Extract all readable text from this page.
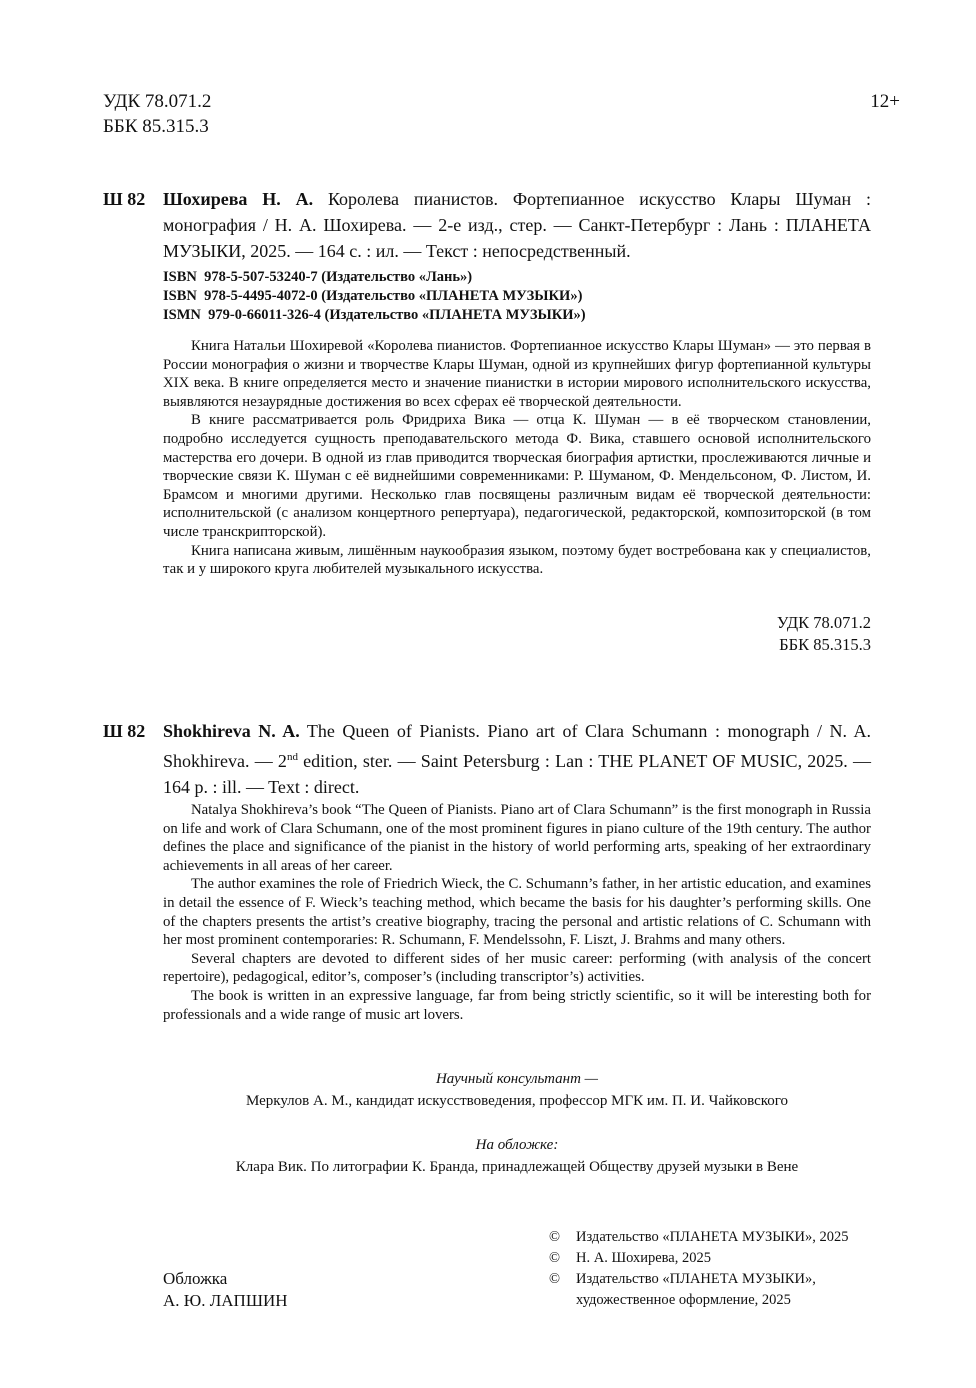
УДК 78.071.2
ББК 85.315.3
12+
Ш 82 Шохирева Н. А. Королева пианистов. Фортепианное искусство Клары Шуман : монография / Н. А. Шохирева. — 2-е изд., стер. — Санкт-Петербург : Лань : ПЛАНЕТА МУЗЫКИ, 2025. — 164 с. : ил. — Текст : непосредственный.
ISBN  978-5-507-53240-7 (Издательство «Лань»)
ISBN  978-5-4495-4072-0 (Издательство «ПЛАНЕТА МУЗЫКИ»)
ISMN  979-0-66011-326-4 (Издательство «ПЛАНЕТА МУЗЫКИ»)

Книга Натальи Шохиревой «Королева пианистов. Фортепианное искусство Клары Шуман» — это первая в России монография о жизни и творчестве Клары Шуман, одной из крупнейших фигур фортепианной культуры XIX века. В книге определяется место и значение пианистки в истории мирового исполнительского искусства, выявляются незаурядные достижения во всех сферах её творческой деятельности.

В книге рассматривается роль Фридриха Вика — отца К. Шуман — в её творческом становлении, подробно исследуется сущность преподавательского метода Ф. Вика, ставшего основой исполнительского мастерства его дочери. В одной из глав приводится творческая биография артистки, прослеживаются личные и творческие связи К. Шуман с её виднейшими современниками: Р. Шуманом, Ф. Мендельсоном, Ф. Листом, И. Брамсом и многими другими. Несколько глав посвящены различным видам её творческой деятельности: исполнительской (с анализом концертного репертуара), педагогической, редакторской, композиторской (в том числе транскрипторской).

Книга написана живым, лишённым наукообразия языком, поэтому будет востребована как у специалистов, так и у широкого круга любителей музыкального искусства.

УДК 78.071.2
ББК 85.315.3
Ш 82 Shokhireva N. A. The Queen of Pianists. Piano art of Clara Schumann : monograph / N. A. Shokhireva. — 2nd edition, ster. — Saint Petersburg : Lan : THE PLANET OF MUSIC, 2025. — 164 p. : ill. — Text : direct.

Natalya Shokhireva’s book “The Queen of Pianists. Piano art of Clara Schumann” is the first monograph in Russia on life and work of Clara Schumann, one of the most prominent figures in piano culture of the 19th century. The author defines the place and significance of the pianist in the history of world performing arts, speaking of her extraordinary achievements in all areas of her career.

The author examines the role of Friedrich Wieck, the C. Schumann’s father, in her artistic education, and examines in detail the essence of F. Wieck’s teaching method, which became the basis for his daughter’s performing skills. One of the chapters presents the artist’s creative biography, tracing the personal and artistic relations of C. Schumann with her most prominent contemporaries: R. Schumann, F. Mendelssohn, F. Liszt, J. Brahms and many others.

Several chapters are devoted to different sides of her music career: performing (with analysis of the concert repertoire), pedagogical, editor’s, composer’s (including transcriptor’s) activities.

The book is written in an expressive language, far from being strictly scientific, so it will be interesting both for professionals and a wide range of music art lovers.

Научный консультант —
Меркулов А. М., кандидат искусствоведения, профессор МГК им. П. И. Чайковского
На обложке:
Клара Вик. По литографии К. Бранда, принадлежащей Обществу друзей музыки в Вене
©	Издательство «ПЛАНЕТА МУЗЫКИ», 2025
©	Н. А. Шохирева, 2025
©	Издательство «ПЛАНЕТА МУЗЫКИ»,
художественное оформление, 2025
Обложка
А. Ю. ЛАПШИН
